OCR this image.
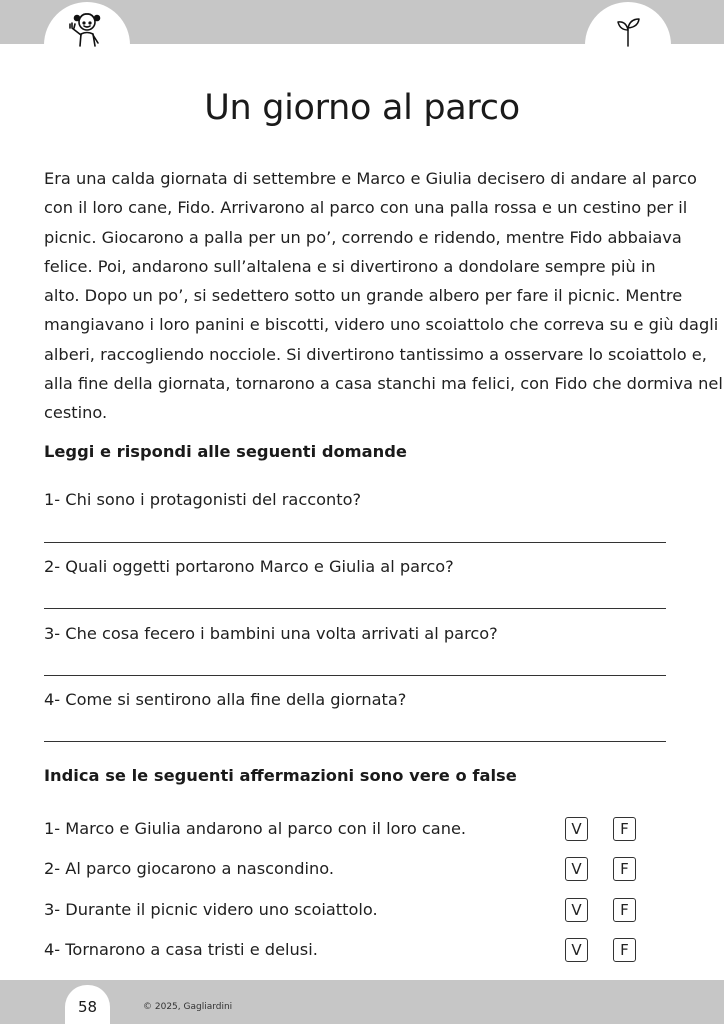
Un giorno al parco
Era una calda giornata di settembre e Marco e Giulia decisero di andare al parco
con il loro cane, Fido. Arrivarono al parco con una palla rossa e un cestino per il
picnic. Giocarono a palla per un po’, correndo e ridendo, mentre Fido abbaiava
felice. Poi, andarono sull’altalena e si divertirono a dondolare sempre più in
alto. Dopo un po’, si sedettero sotto un grande albero per fare il picnic. Mentre
mangiavano i loro panini e biscotti, videro uno scoiattolo che correva su e giù dagli
alberi, raccogliendo nocciole. Si divertirono tantissimo a osservare lo scoiattolo e,
alla fine della giornata, tornarono a casa stanchi ma felici, con Fido che dormiva nel
cestino.
Leggi e rispondi alle seguenti domande
1- Chi sono i protagonisti del racconto?
2- Quali oggetti portarono Marco e Giulia al parco?
3- Che cosa fecero i bambini una volta arrivati al parco?
4- Come si sentirono alla fine della giornata?
Indica se le seguenti affermazioni sono vere o false
1- Marco e Giulia andarono al parco con il loro cane.	V	F
2- Al parco giocarono a nascondino.	V	F
3- Durante il picnic videro uno scoiattolo.	V	F
4- Tornarono a casa tristi e delusi.	V	F
58	© 2025, Gagliardini
